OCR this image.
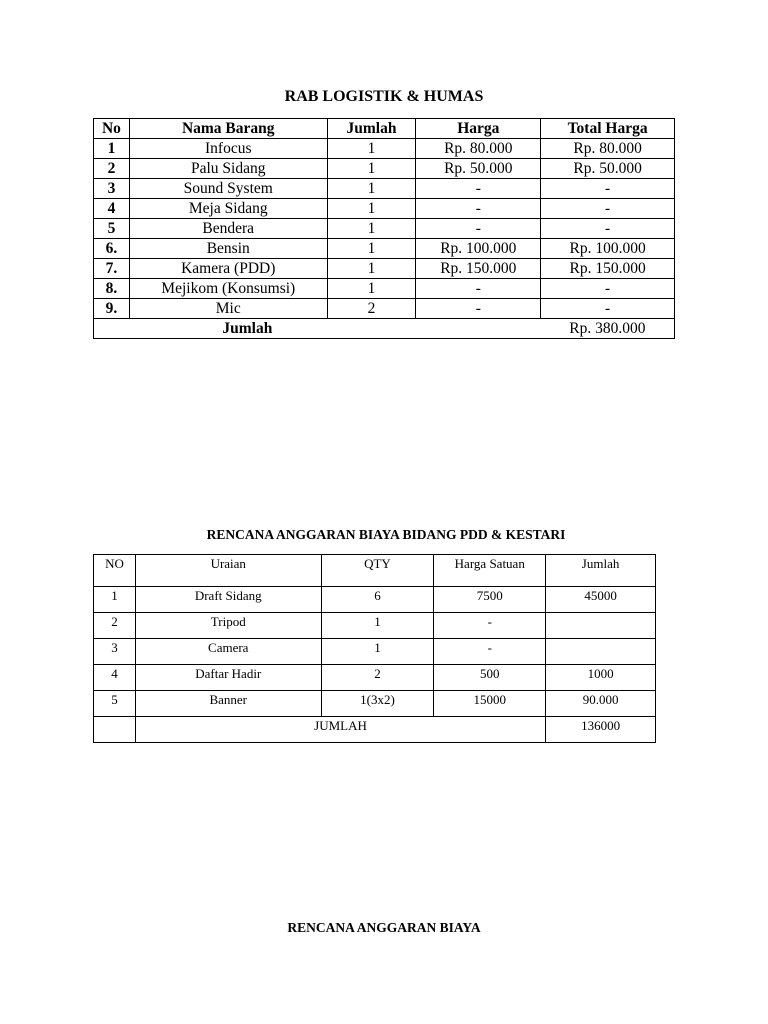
RAB LOGISTIK & HUMAS
No	Nama Barang	Jumlah	Harga	Total Harga
1	Infocus	1	Rp. 80.000	Rp. 80.000
2	Palu Sidang	1	Rp. 50.000	Rp. 50.000
3	Sound System	1	-	-
4	Meja Sidang	1	-	-
5	Bendera	1	-	-
6.	Bensin	1	Rp. 100.000	Rp. 100.000
7.	Kamera (PDD)	1	Rp. 150.000	Rp. 150.000
8.	Mejikom (Konsumsi)	1	-	-
9.	Mic	2	-	-
Jumlah				Rp. 380.000
RENCANA ANGGARAN BIAYA BIDANG PDD & KESTARI
NO	Uraian	QTY	Harga Satuan	Jumlah
1	Draft Sidang	6	7500	45000
2	Tripod	1	-	
3	Camera	1	-	
4	Daftar Hadir	2	500	1000
5	Banner	1(3x2)	15000	90.000
	JUMLAH			136000
RENCANA ANGGARAN BIAYA
